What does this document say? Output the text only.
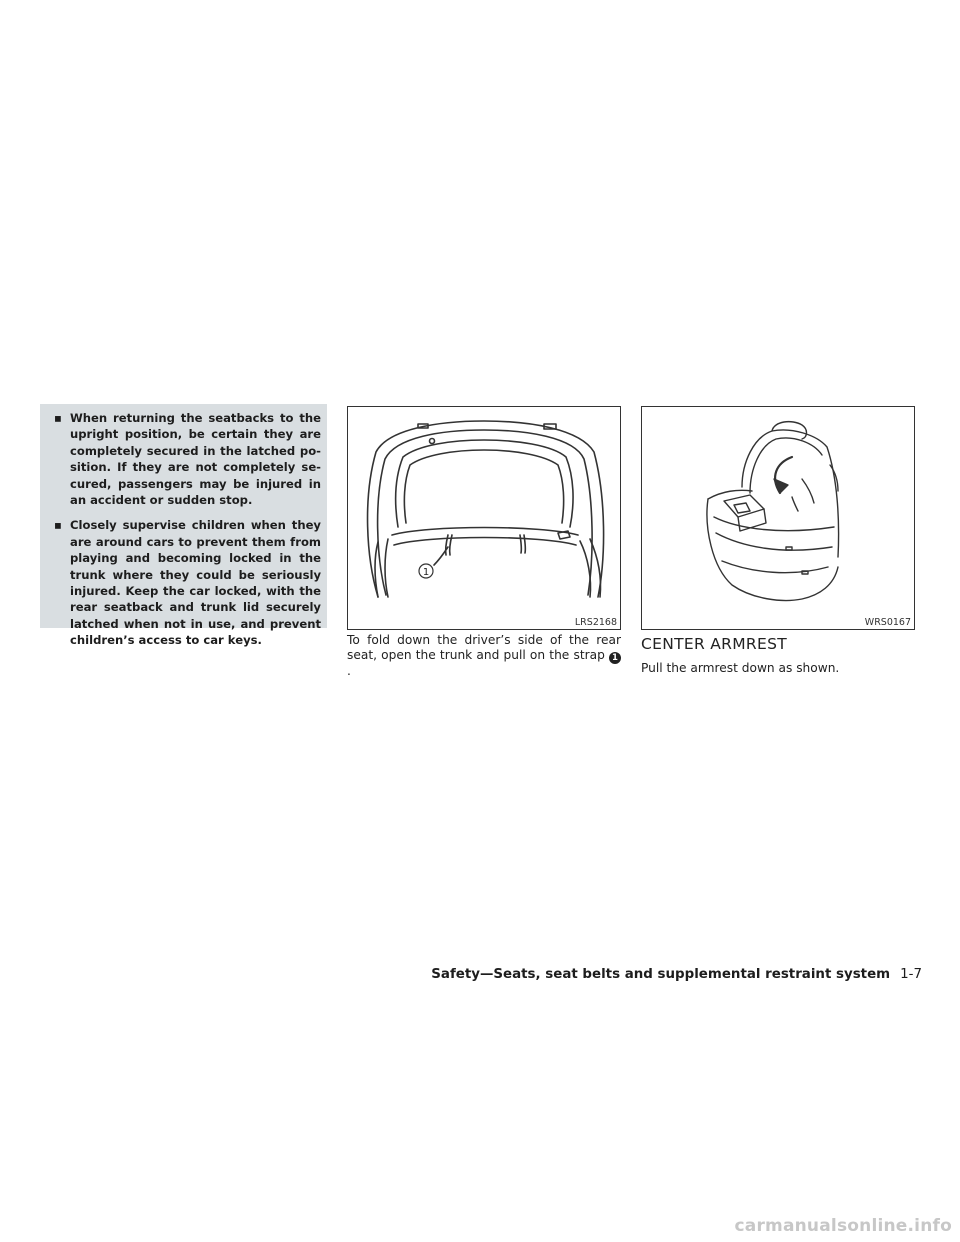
▪ When returning the seatbacks to the upright position, be certain they are completely secured in the latched po-sition. If they are not completely se-cured, passengers may be injured in an accident or sudden stop.
▪ Closely supervise children when they are around cars to prevent them from playing and becoming locked in the trunk where they could be seriously injured. Keep the car locked, with the rear seatback and trunk lid securely latched when not in use, and prevent children’s access to car keys.
1
LRS2168	WRS0167

To fold down the driver’s side of the rear seat, open the trunk and pull on the strap 1.

CENTER ARMREST

Pull the armrest down as shown.

Safety—Seats, seat belts and supplemental restraint system 1-7
carmanualsonline.info
